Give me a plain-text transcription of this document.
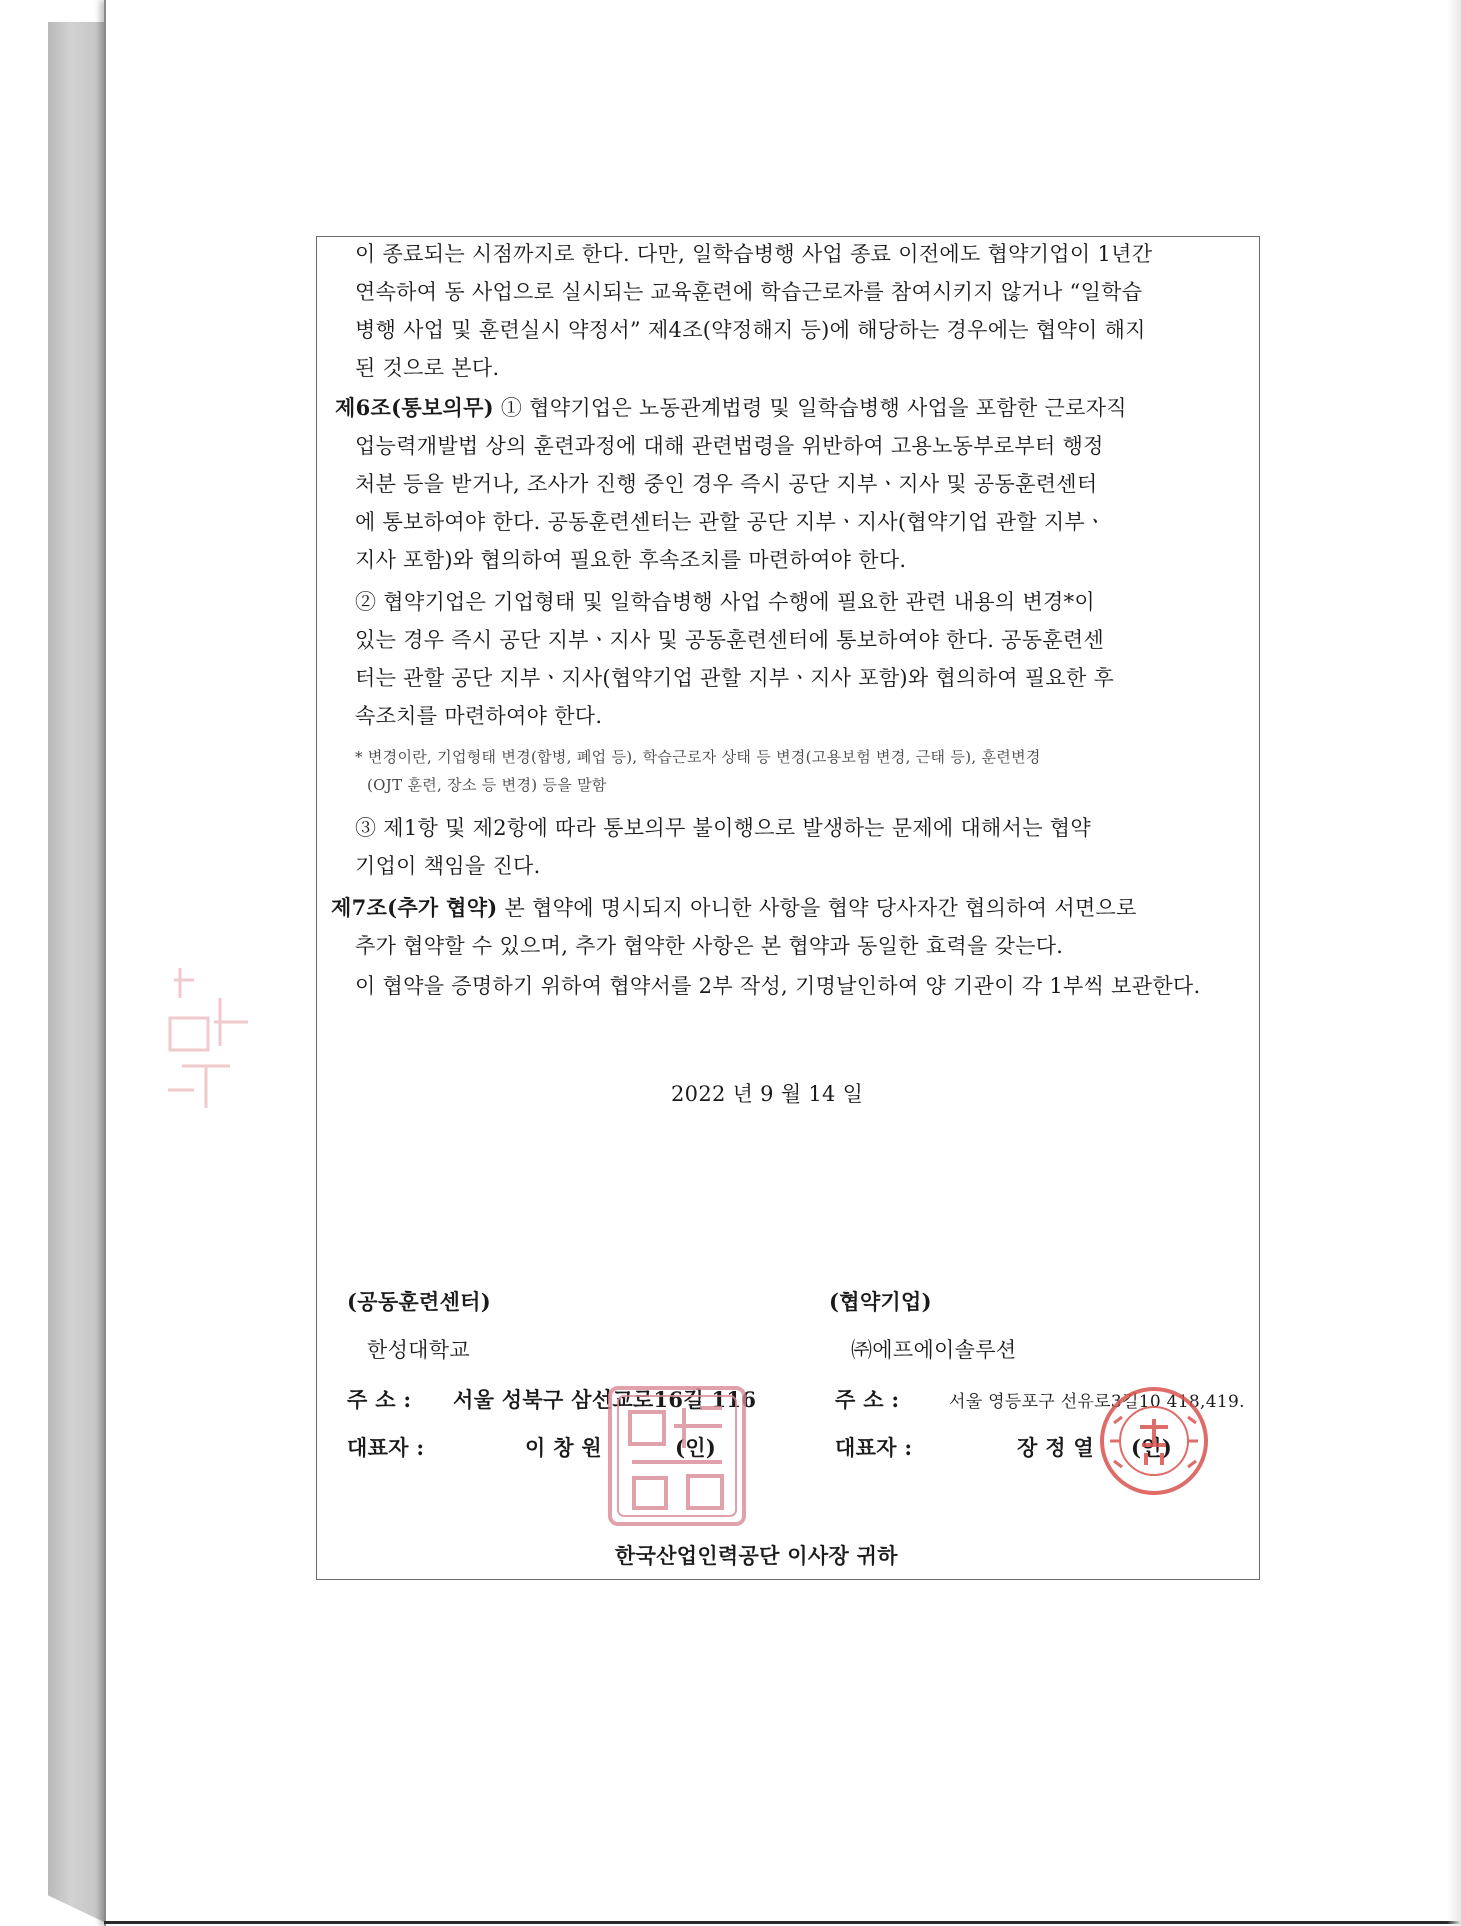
이 종료되는 시점까지로 한다. 다만, 일학습병행 사업 종료 이전에도 협약기업이 1년간
연속하여 동 사업으로 실시되는 교육훈련에 학습근로자를 참여시키지 않거나 “일학습
병행 사업 및 훈련실시 약정서” 제4조(약정해지 등)에 해당하는 경우에는 협약이 해지
된 것으로 본다.
제6조(통보의무) ① 협약기업은 노동관계법령 및 일학습병행 사업을 포함한 근로자직
업능력개발법 상의 훈련과정에 대해 관련법령을 위반하여 고용노동부로부터 행정
처분 등을 받거나, 조사가 진행 중인 경우 즉시 공단 지부ㆍ지사 및 공동훈련센터
에 통보하여야 한다. 공동훈련센터는 관할 공단 지부ㆍ지사(협약기업 관할 지부ㆍ
지사 포함)와 협의하여 필요한 후속조치를 마련하여야 한다.
② 협약기업은 기업형태 및 일학습병행 사업 수행에 필요한 관련 내용의 변경*이
있는 경우 즉시 공단 지부ㆍ지사 및 공동훈련센터에 통보하여야 한다. 공동훈련센
터는 관할 공단 지부ㆍ지사(협약기업 관할 지부ㆍ지사 포함)와 협의하여 필요한 후
속조치를 마련하여야 한다.
* 변경이란, 기업형태 변경(합병, 폐업 등), 학습근로자 상태 등 변경(고용보험 변경, 근태 등), 훈련변경
(OJT 훈련, 장소 등 변경) 등을 말함
③ 제1항 및 제2항에 따라 통보의무 불이행으로 발생하는 문제에 대해서는 협약
기업이 책임을 진다.
제7조(추가 협약) 본 협약에 명시되지 아니한 사항을 협약 당사자간 협의하여 서면으로
추가 협약할 수 있으며, 추가 협약한 사항은 본 협약과 동일한 효력을 갖는다.
이 협약을 증명하기 위하여 협약서를 2부 작성, 기명날인하여 양 기관이 각 1부씩 보관한다.
2022 년 9 월 14 일
(공동훈련센터)
한성대학교
주 소 : 서울 성북구 삼선교로16길 116
대표자 :	이 창 원	(인)
(협약기업)
㈜에프에이솔루션
주 소 :	서울 영등포구 선유로3길10 418,419.
대표자 :	장 정 열 (인)
한국산업인력공단 이사장 귀하
